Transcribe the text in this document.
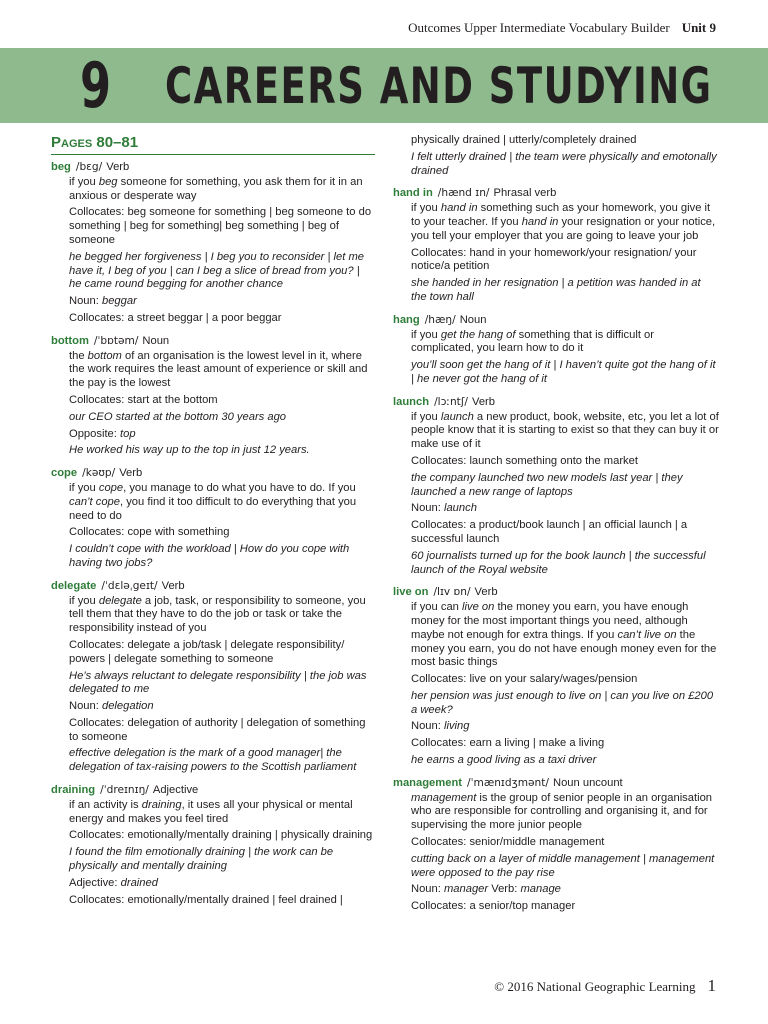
Outcomes Upper Intermediate Vocabulary Builder Unit 9
9 CAREERS AND STUDYING
Pages 80–81
beg /bɛg/ Verb
if you beg someone for something, you ask them for it in an anxious or desperate way
Collocates: beg someone for something | beg someone to do something | beg for something| beg something | beg of someone
he begged her forgiveness | I beg you to reconsider | let me have it, I beg of you | can I beg a slice of bread from you? | he came round begging for another chance
Noun: beggar
Collocates: a street beggar | a poor beggar
bottom /ˈbɒtəm/ Noun
the bottom of an organisation is the lowest level in it, where the work requires the least amount of experience or skill and the pay is the lowest
Collocates: start at the bottom
our CEO started at the bottom 30 years ago
Opposite: top
He worked his way up to the top in just 12 years.
cope /kəʊp/ Verb
if you cope, you manage to do what you have to do. If you can’t cope, you find it too difficult to do everything that you need to do
Collocates: cope with something
I couldn’t cope with the workload | How do you cope with having two jobs?
delegate /ˈdɛləˌgeɪt/ Verb
if you delegate a job, task, or responsibility to someone, you tell them that they have to do the job or task or take the responsibility instead of you
Collocates: delegate a job/task | delegate responsibility/ powers | delegate something to someone
He’s always reluctant to delegate responsibility | the job was delegated to me
Noun: delegation
Collocates: delegation of authority | delegation of something to someone
effective delegation is the mark of a good manager| the delegation of tax-raising powers to the Scottish parliament
draining /ˈdreɪnɪŋ/ Adjective
if an activity is draining, it uses all your physical or mental energy and makes you feel tired
Collocates: emotionally/mentally draining | physically draining
I found the film emotionally draining | the work can be physically and mentally draining
Adjective: drained
Collocates: emotionally/mentally drained | feel drained |
physically drained | utterly/completely drained
I felt utterly drained | the team were physically and emotonally drained
hand in /hænd ɪn/ Phrasal verb
if you hand in something such as your homework, you give it to your teacher. If you hand in your resignation or your notice, you tell your employer that you are going to leave your job
Collocates: hand in your homework/your resignation/ your notice/a petition
she handed in her resignation | a petition was handed in at the town hall
hang /hæŋ/ Noun
if you get the hang of something that is difficult or complicated, you learn how to do it
you’ll soon get the hang of it | I haven’t quite got the hang of it | he never got the hang of it
launch /lɔːntʃ/ Verb
if you launch a new product, book, website, etc, you let a lot of people know that it is starting to exist so that they can buy it or make use of it
Collocates: launch something onto the market
the company launched two new models last year | they launched a new range of laptops
Noun: launch
Collocates: a product/book launch | an official launch | a successful launch
60 journalists turned up for the book launch | the successful launch of the Royal website
live on /lɪv ɒn/ Verb
if you can live on the money you earn, you have enough money for the most important things you need, although maybe not enough for extra things. If you can’t live on the money you earn, you do not have enough money even for the most basic things
Collocates: live on your salary/wages/pension
her pension was just enough to live on | can you live on £200 a week?
Noun: living
Collocates: earn a living | make a living
he earns a good living as a taxi driver
management /ˈmænɪdʒmənt/ Noun uncount
management is the group of senior people in an organisation who are responsible for controlling and organising it, and for supervising the more junior people
Collocates: senior/middle management
cutting back on a layer of middle management | management were opposed to the pay rise
Noun: manager Verb: manage
Collocates: a senior/top manager
© 2016 National Geographic Learning 1
